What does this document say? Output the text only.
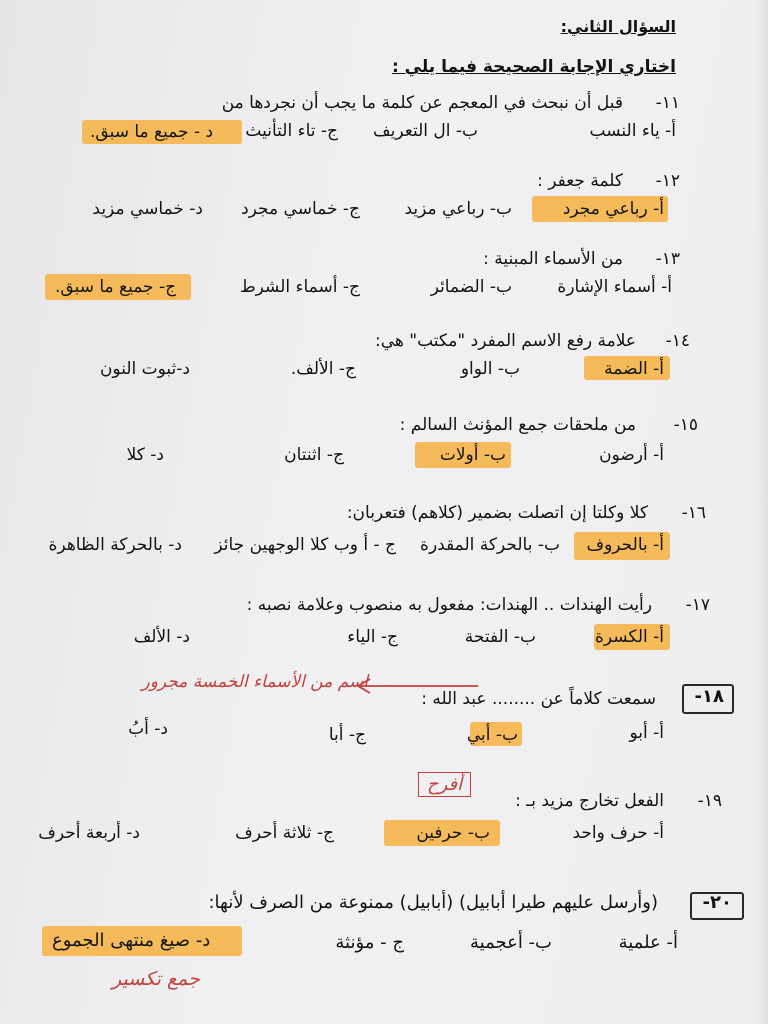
السؤال الثاني:
اختاري الإجابة الصحيحة فيما يلي :
١١-
قبل أن نبحث في المعجم عن كلمة ما يجب أن نجردها من
أ- ياء النسب
ب- ال التعريف
ج- تاء التأنيث
د - جميع ما سبق.
١٢-
كلمة جعفر :
أ- رباعي مجرد
ب- رباعي مزيد
ج- خماسي مجرد
د- خماسي مزيد
١٣-
من الأسماء المبنية :
أ- أسماء الإشارة
ب- الضمائر
ج- أسماء الشرط
ج- جميع ما سبق.
١٤-
علامة رفع الاسم المفرد "مكتب" هي:
أ- الضمة
ب- الواو
ج- الألف.
د-ثبوت النون
١٥-
من ملحقات جمع المؤنث السالم :
أ- أرضون
ب- أولات
ج- اثنتان
د- كلا
١٦-
كلا وكلتا إن اتصلت بضمير (كلاهم) فتعربان:
أ- بالحروف
ب- بالحركة المقدرة
ج - أ وب كلا الوجهين جائز
د- بالحركة الظاهرة
١٧-
رأيت الهندات .. الهندات: مفعول به منصوب وعلامة نصبه :
أ- الكسرة
ب- الفتحة
ج- الياء
د- الألف
اسم من الأسماء الخمسة مجرور
١٨-
سمعت كلاماً عن ........ عبد الله :
أ- أبو
ب- أبي
ج- أبا
د- أبُ
أفرح
١٩-
الفعل تخارج مزيد بـ :
أ- حرف واحد
ب- حرفين
ج- ثلاثة أحرف
د- أربعة أحرف
٢٠-
(وأرسل عليهم طيرا أبابيل) (أبابيل) ممنوعة من الصرف لأنها:
أ- علمية
ب- أعجمية
ج - مؤنثة
د- صيغ منتهى الجموع
جمع تكسير
